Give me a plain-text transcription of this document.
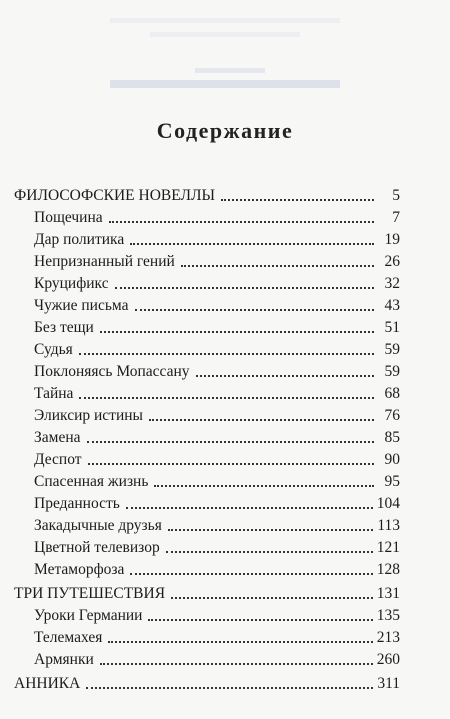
Содержание
ФИЛОСОФСКИЕ НОВЕЛЛЫ	5
Пощечина	7
Дар политика	19
Непризнанный гений	26
Круцификс	32
Чужие письма	43
Без тещи	51
Судья	59
Поклоняясь Мопассану	59
Тайна	68
Эликсир истины	76
Замена	85
Деспот	90
Спасенная жизнь	95
Преданность	104
Закадычные друзья	113
Цветной телевизор	121
Метаморфоза	128
ТРИ ПУТЕШЕСТВИЯ	131
Уроки Германии	135
Телемахея	213
Армянки	260
АННИКА	311
